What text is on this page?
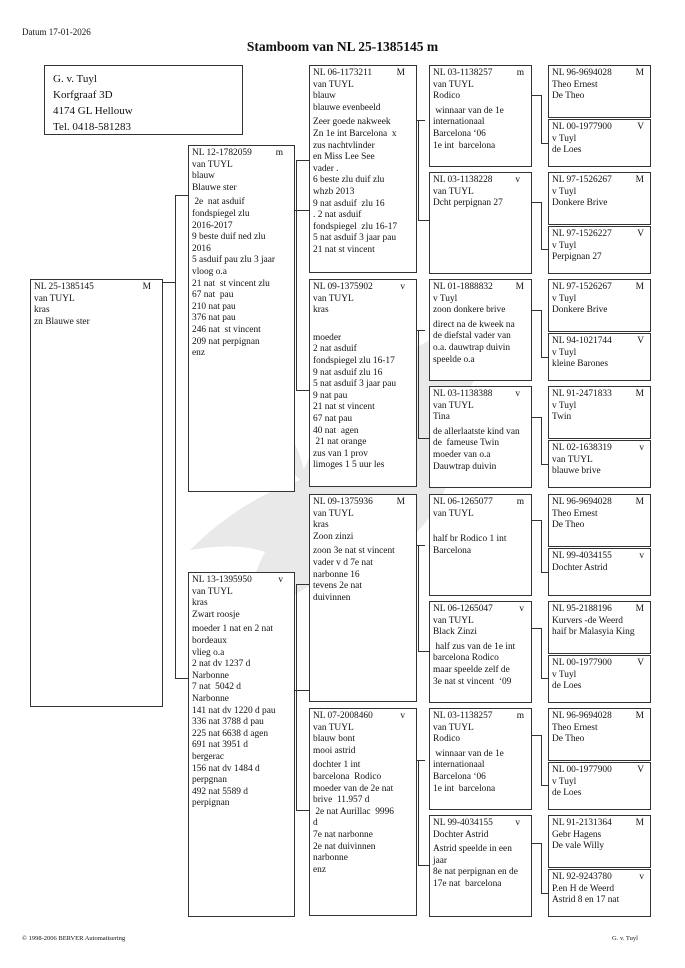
Datum 17-01-2026
Stamboom van NL 25-1385145 m
G. v. Tuyl
Korfgraaf 3D
4174 GL Hellouw
Tel. 0418-581283
NL 25-1385145	M
van TUYL
kras
zn Blauwe ster
NL 12-1782059	m
van TUYL
blauw
Blauwe ster
2e  nat asduif
fondspiegel zlu
2016-2017
9 beste duif ned zlu
2016
5 asduif pau zlu 3 jaar
vloog o.a
21 nat  st vincent zlu
67 nat  pau
210 nat pau
376 nat pau
246 nat  st vincent
209 nat perpignan
enz
NL 13-1395950	v
van TUYL
kras
Zwart roosje
moeder 1 nat en 2 nat
bordeaux
vlieg o.a
2 nat dv 1237 d
Narbonne
7 nat  5042 d
Narbonne
141 nat dv 1220 d pau
336 nat 3788 d pau
225 nat 6638 d agen
691 nat 3951 d
bergerac
156 nat dv 1484 d
perpgnan
492 nat 5589 d
perpignan
NL 06-1173211	M
van TUYL
blauw
blauwe evenbeeld
Zeer goede nakweek
Zn 1e int Barcelona  x
zus nachtvlinder
en Miss Lee See
vader .
6 beste zlu duif zlu
whzb 2013
9 nat asduif  zlu 16
. 2 nat asduif
fondspiegel  zlu 16-17
5 nat asduif 3 jaar pau
21 nat st vincent
NL 09-1375902	v
van TUYL
kras
moeder
2 nat asduif
fondspiegel zlu 16-17
9 nat asduif zlu 16
5 nat asduif 3 jaar pau
9 nat pau
21 nat st vincent
67 nat pau
40 nat  agen
21 nat orange
zus van 1 prov
limoges 1 5 uur les
NL 09-1375936	M
van TUYL
kras
Zoon zinzi
zoon 3e nat st vincent
vader v d 7e nat
narbonne 16
tevens 2e nat
duivinnen
NL 07-2008460	v
van TUYL
blauw bont
mooi astrid
dochter 1 int
barcelona  Rodico
moeder van de 2e nat
brive  11.957 d
2e nat Aurillac  9996
d
7e nat narbonne
2e nat duivinnen
narbonne
enz
NL 03-1138257	m
van TUYL
Rodico
winnaar van de 1e
internationaal
Barcelona ‘06
1e int  barcelona
NL 03-1138228 v
van TUYL
Dcht perpignan 27
NL 01-1888832 M
v Tuyl
zoon donkere brive
direct na de kweek na
de diefstal vader van
o.a. dauwtrap duivin
speelde o.a
NL 03-1138388 v
van TUYL
Tina
de allerlaatste kind van
de  fameuse Twin
moeder van o.a
Dauwtrap duivin
NL 06-1265077	m
van TUYL
half br Rodico 1 int
Barcelona
NL 06-1265047	v
van TUYL
Black Zinzi
half zus van de 1e int
barcelona Rodico
maar speelde zelf de
3e nat st vincent  ‘09
NL 03-1138257	m
van TUYL
Rodico
winnaar van de 1e
internationaal
Barcelona ‘06
1e int  barcelona
NL 99-4034155 v
Dochter Astrid
Astrid speelde in een
jaar
8e nat perpignan en de
17e nat  barcelona
NL 96-9694028	M
Theo Ernest
De Theo
NL 00-1977900	V
v Tuyl
de Loes
NL 97-1526267	M
v Tuyl
Donkere Brive
NL 97-1526227	V
v Tuyl
Perpignan 27
NL 97-1526267	M
v Tuyl
Donkere Brive
NL 94-1021744	V
v Tuyl
kleine Barones
NL 91-2471833	M
v Tuyl
Twin
NL 02-1638319	v
van TUYL
blauwe brive
NL 96-9694028	M
Theo Ernest
De Theo
NL 99-4034155	v
Dochter Astrid
NL 95-2188196	M
Kurvers -de Weerd
haif br Malasyia King
NL 00-1977900	V
v Tuyl
de Loes
NL 96-9694028	M
Theo Ernest
De Theo
NL 00-1977900	V
v Tuyl
de Loes
NL 91-2131364	M
Gebr Hagens
De vale Willy
NL 92-9243780	v
P.en H de Weerd
Astrid 8 en 17 nat
© 1998-2006 BERVER Automatisering	G. v. Tuyl
